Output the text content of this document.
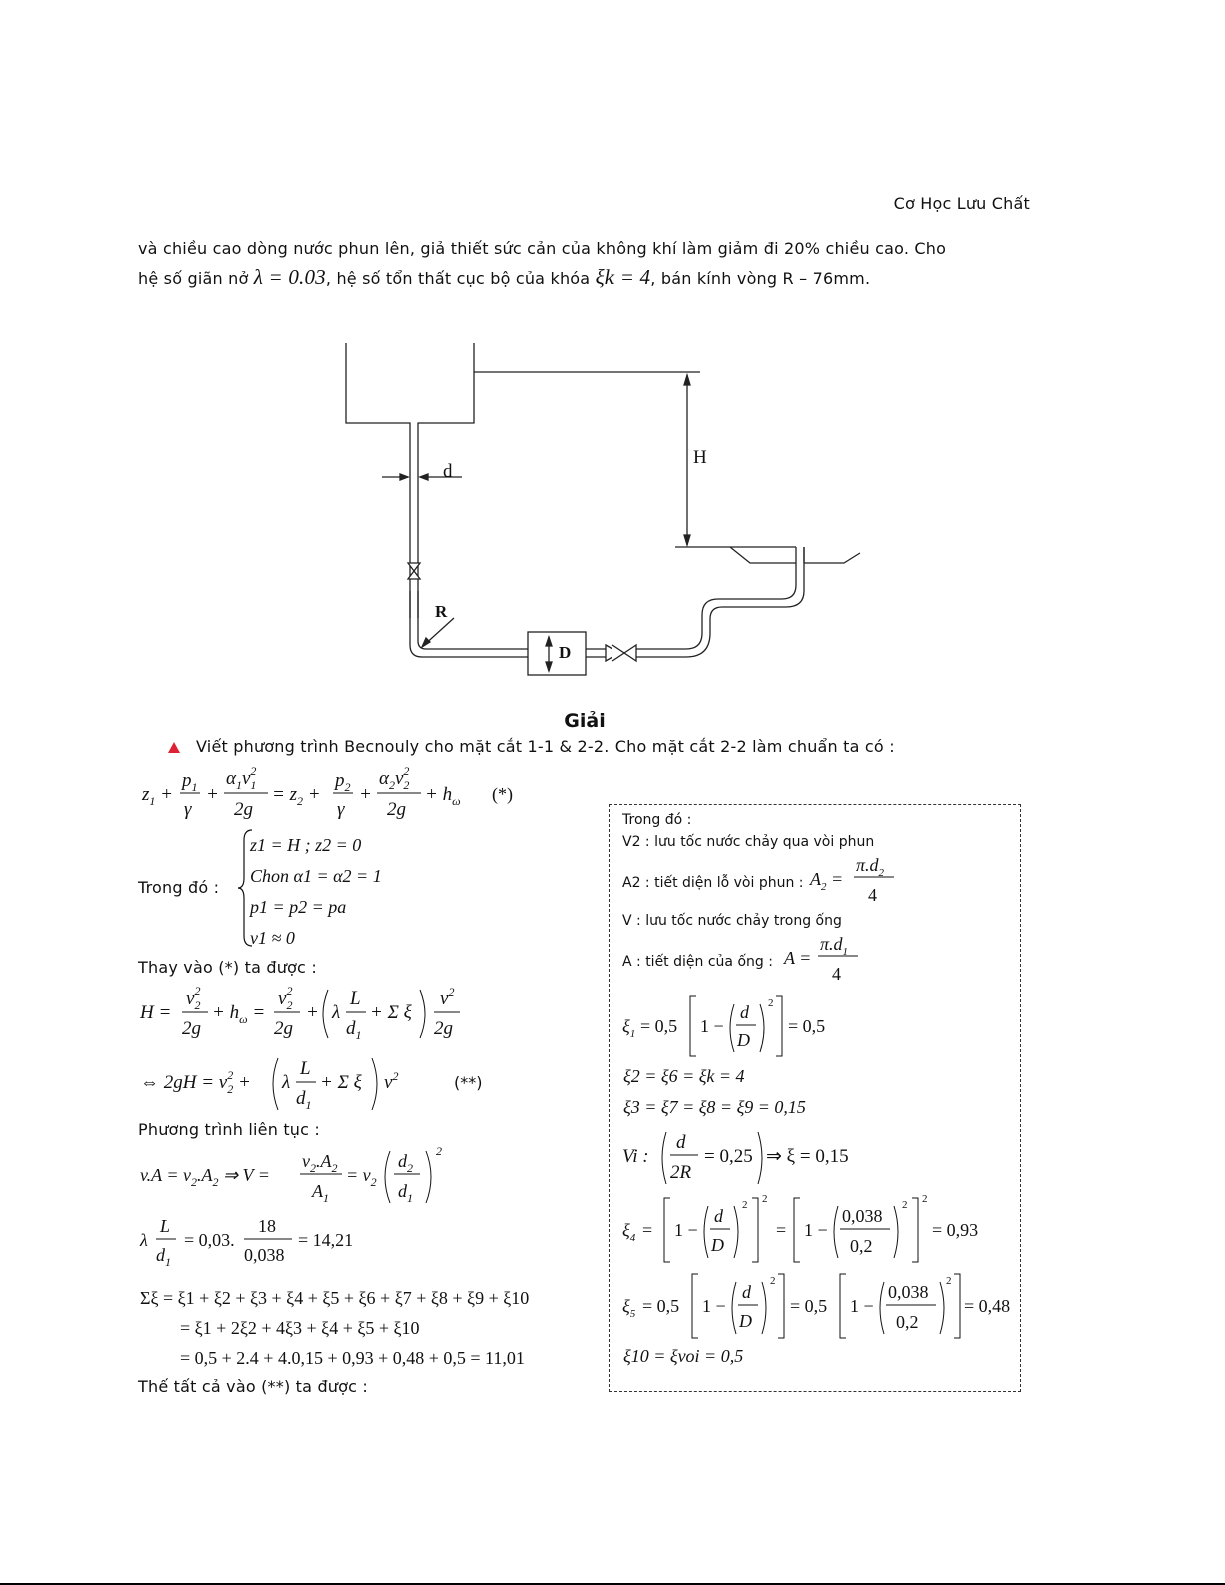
Cơ Học Lưu Chất
và chiều cao dòng nước phun lên, giả thiết sức cản của không khí làm giảm đi 20% chiều cao. Cho
hệ số giãn nở λ = 0.03, hệ số tổn thất cục bộ của khóa ξk = 4, bán kính vòng R – 76mm.
d
H
R
D
Giải
Viết phương trình Becnouly cho mặt cắt 1-1 & 2-2. Cho mặt cắt 2-2 làm chuẩn ta có :
$z_1$ +
$p_1$
γ
+
$\alpha_1v_12$
2g
= $z_2$ +
$p_2$
γ
+
$\alpha_2v_22$
2g
+ $h_\omega$ (*)
Trong đó :
z1 = H ; z2 = 0
Chon α1 = α2 = 1
p1 = p2 = pa
v1 ≈ 0
Thay vào (*) ta được :
H =
$v_22$
2g
+ $h_\omega$ =
$v_22$
2g
+ λ
L
$d_1$
+ Σ ξ
$v^2$
2g
⇔ $2gH = v_22 + \lambda$
L
$d_1$
+ Σ ξ $v^2$	(**)
Phương trình liên tục :
$v.A = v_2.A_2$ ⇒ V =
$v_2.A_2$
$A_1$
= $v_2$
$d_2$
$d_1$
2
λ
L
$d_1$
= 0,03.
18
0,038
= 14,21
Σξ = ξ1 + ξ2 + ξ3 + ξ4 + ξ5 + ξ6 + ξ7 + ξ8 + ξ9 + ξ10
= ξ1 + 2ξ2 + 4ξ3 + ξ4 + ξ5 + ξ10
= 0,5 + 2.4 + 4.0,15 + 0,93 + 0,48 + 0,5 = 11,01
Thế tất cả vào (**) ta được :
Trong đó :
V2 : lưu tốc nước chảy qua vòi phun
A2 : tiết diện lỗ vòi phun : $A_2$ =
$\pi.d_2$
4
V : lưu tốc nước chảy trong ống
A : tiết diện của ống : A =
$\pi.d_1$
4
$\xi_1 = 0,5$ 1 −
d
D
2
= 0,5
ξ2 = ξ6 = ξk = 4
ξ3 = ξ7 = ξ8 = ξ9 = 0,15
Vi :
d
2R
= 0,25 ⇒ ξ = 0,15
$\xi_4 = 1$ −
d
D
2 2
= 1 −
0,038
0,2
2 2
= 0,93
$\xi_5 = 0,5$ 1 −
d
D
2
= 0,5 1 −
0,038
0,2
2
= 0,48
ξ10 = ξvoi = 0,5
